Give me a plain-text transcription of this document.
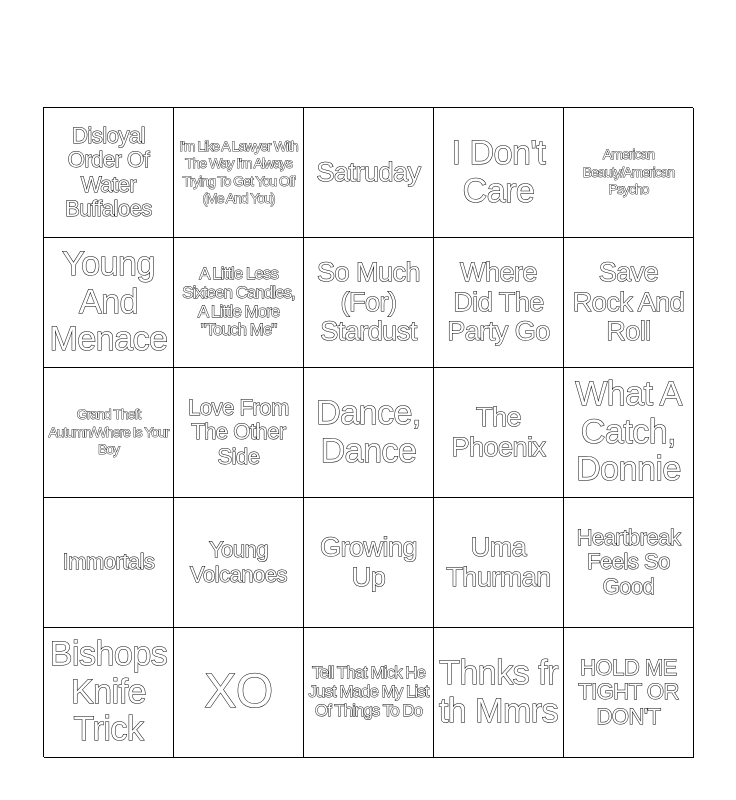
Disloyal Order Of Water Buffaloes
I'm Like A Lawyer With The Way I'm Always Trying To Get You Off (Me And You)
Satruday I Don't Care
American Beauty/American Psycho
Young And Menace
A Little Less Sixteen Candles, A Little More "Touch Me"
So Much (For) Stardust
Where Did The Party Go
Save Rock And Roll
Grand Theft Autumn/Where Is Your Boy
Love From The Other Side
Dance, Dance
The Phoenix
What A Catch, Donnie
Immortals	Young Volcanoes
Growing Up
Uma Thurman
Heartbreak Feels So Good
Bishops Knife Trick
XO Tell That Mick He Just Made My List Of Things To Do
Thnks fr th Mmrs
HOLD ME TIGHT OR DON'T
